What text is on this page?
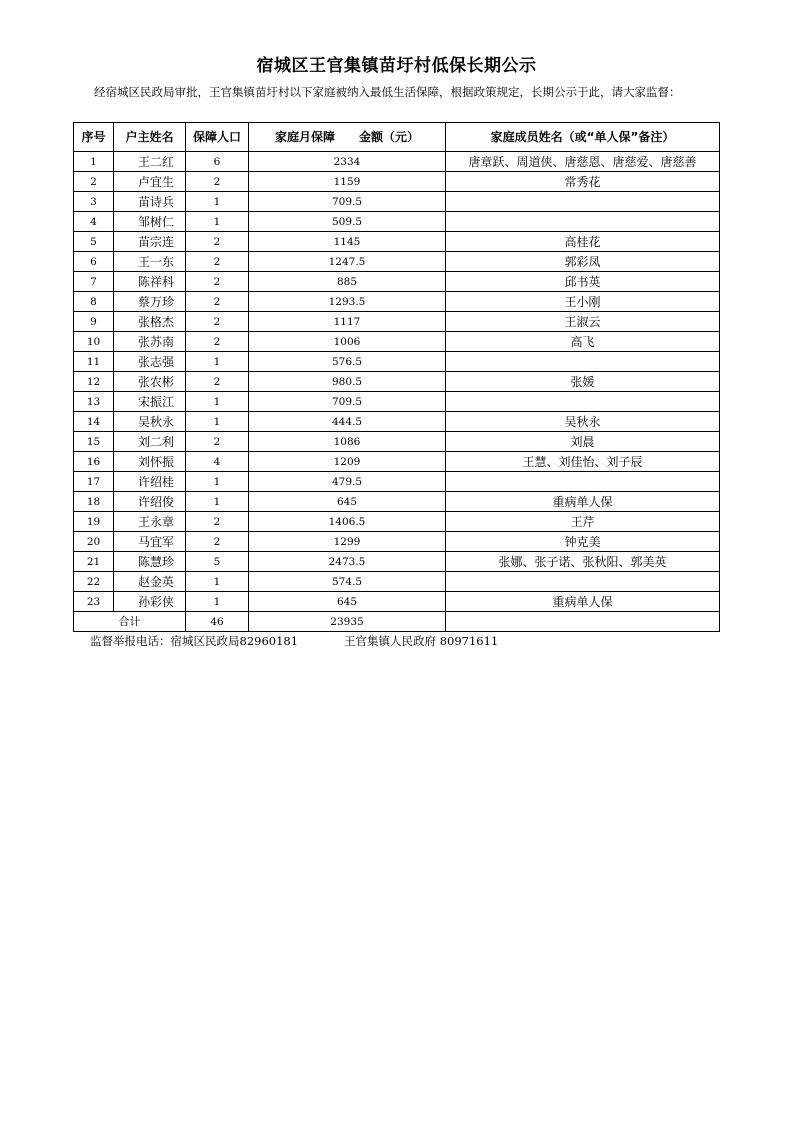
宿城区王官集镇苗圩村低保长期公示
经宿城区民政局审批，王官集镇苗圩村以下家庭被纳入最低生活保障，根据政策规定，长期公示于此，请大家监督：
序号	户主姓名	保障人口	家庭月保障　　金额（元）	家庭成员姓名（或“单人保”备注）
1	王二红	6	2334	唐章跃、周道侠、唐慈恩、唐慈爱、唐慈善
2	卢宜生	2	1159	常秀花
3	苗诗兵	1	709.5	
4	邹树仁	1	509.5	
5	苗宗连	2	1145	高桂花
6	王一东	2	1247.5	郭彩凤
7	陈祥科	2	885	邱书英
8	蔡万珍	2	1293.5	王小刚
9	张格杰	2	1117	王淑云
10	张苏南	2	1006	高飞
11	张志强	1	576.5	
12	张农彬	2	980.5	张媛
13	宋振江	1	709.5	
14	吴秋永	1	444.5	吴秋永
15	刘二利	2	1086	刘晨
16	刘怀振	4	1209	王慧、刘佳怡、刘子辰
17	许绍桂	1	479.5	
18	许绍俊	1	645	重病单人保
19	王永章	2	1406.5	王芹
20	马宜军	2	1299	钟克美
21	陈慧珍	5	2473.5	张娜、张子诺、张秋阳、郭美英
22	赵金英	1	574.5	
23	孙彩侠	1	645	重病单人保
合计		46	23935	
监督举报电话：宿城区民政局82960181	王官集镇人民政府 80971611
